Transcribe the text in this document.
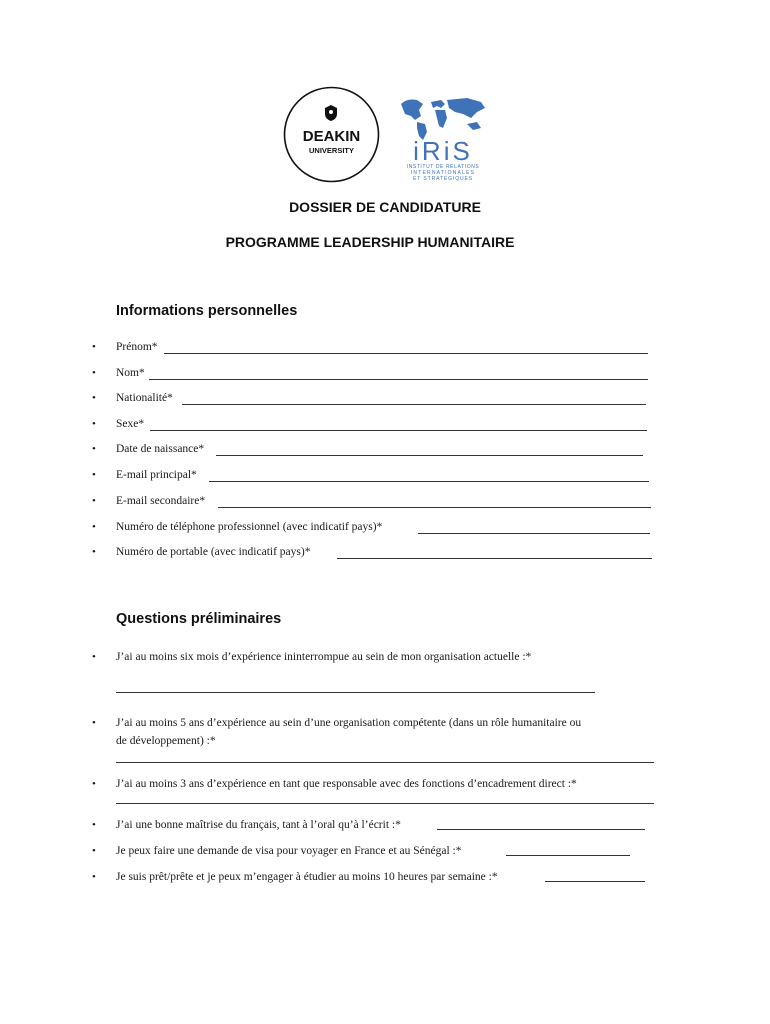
DEAKIN
UNIVERSITY iRiS
INSTITUT DE RELATIONS
INTERNATIONALES
ET STRATÉGIQUES
DOSSIER DE CANDIDATURE
PROGRAMME LEADERSHIP HUMANITAIRE
Informations personnelles
• Prénom*
• Nom*
• Nationalité*
• Sexe*
• Date de naissance*
• E-mail principal*
• E-mail secondaire*
• Numéro de téléphone professionnel (avec indicatif pays)*
• Numéro de portable (avec indicatif pays)*
Questions préliminaires
• J’ai au moins six mois d’expérience ininterrompue au sein de mon organisation actuelle :*
• J’ai au moins 5 ans d’expérience au sein d’une organisation compétente (dans un rôle humanitaire ou
de développement) :*
• J’ai au moins 3 ans d’expérience en tant que responsable avec des fonctions d’encadrement direct :*
• J’ai une bonne maîtrise du français, tant à l’oral qu’à l’écrit :*
• Je peux faire une demande de visa pour voyager en France et au Sénégal :*
• Je suis prêt/prête et je peux m’engager à étudier au moins 10 heures par semaine :*
